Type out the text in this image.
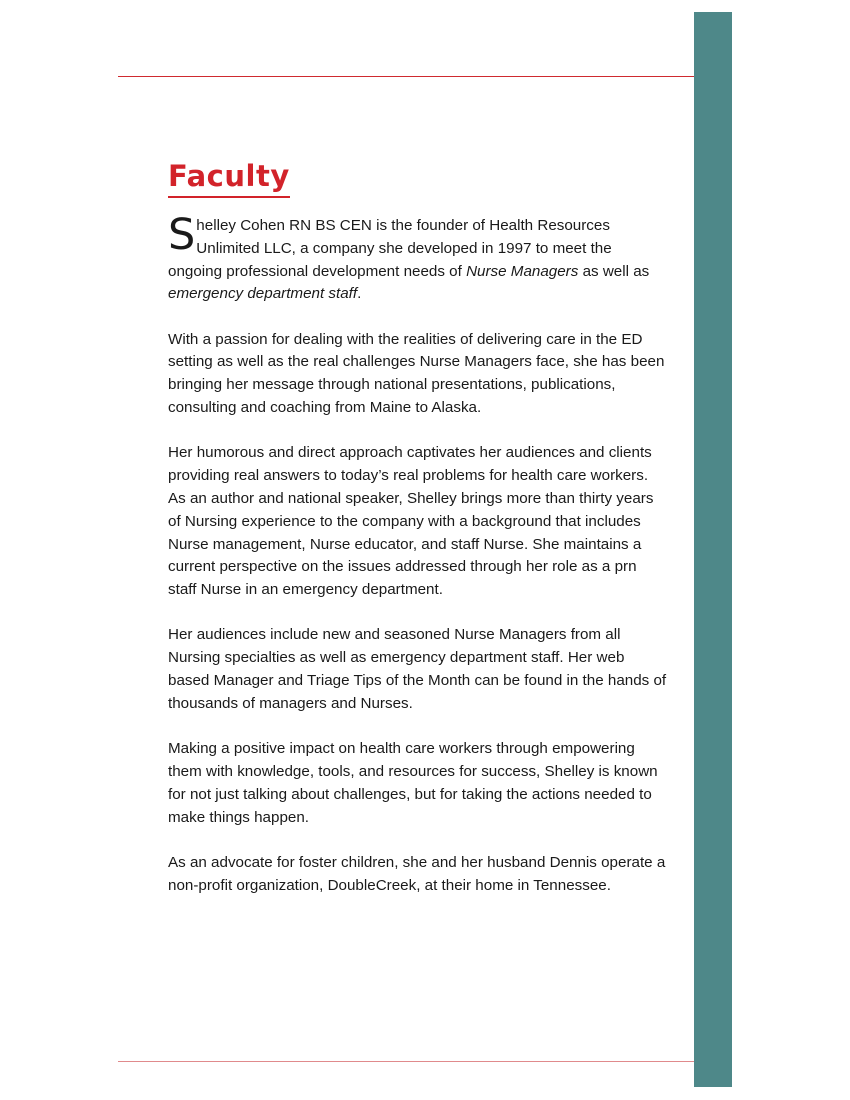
Faculty

Shelley Cohen RN BS CEN is the founder of Health Resources Unlimited LLC, a company she developed in 1997 to meet the ongoing professional development needs of Nurse Managers as well as emergency department staff.

With a passion for dealing with the realities of delivering care in the ED setting as well as the real challenges Nurse Managers face, she has been bringing her message through national presentations, publications, consulting and coaching from Maine to Alaska.

Her humorous and direct approach captivates her audiences and clients providing real answers to today’s real problems for health care workers. As an author and national speaker, Shelley brings more than thirty years of Nursing experience to the company with a background that includes Nurse management, Nurse educator, and staff Nurse. She maintains a current perspective on the issues addressed through her role as a prn staff Nurse in an emergency department.

Her audiences include new and seasoned Nurse Managers from all Nursing specialties as well as emergency department staff. Her web based Manager and Triage Tips of the Month can be found in the hands of thousands of managers and Nurses.

Making a positive impact on health care workers through empowering them with knowledge, tools, and resources for success, Shelley is known for not just talking about challenges, but for taking the actions needed to make things happen.

As an advocate for foster children, she and her husband Dennis operate a non-profit organization, DoubleCreek, at their home in Tennessee.
